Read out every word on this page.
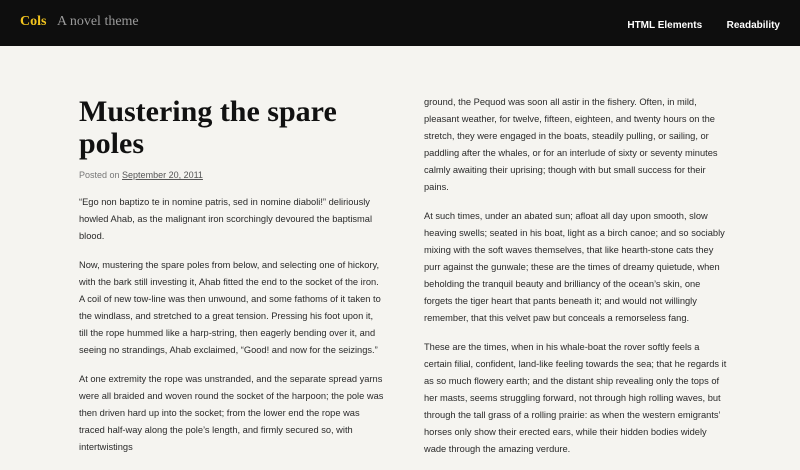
Cols A novel theme	HTML Elements Readability
Mustering the spare poles
Posted on September 20, 2011

“Ego non baptizo te in nomine patris, sed in nomine diaboli!” deliriously howled Ahab, as the malignant iron scorchingly devoured the baptismal blood.

Now, mustering the spare poles from below, and selecting one of hickory, with the bark still investing it, Ahab fitted the end to the socket of the iron. A coil of new tow-line was then unwound, and some fathoms of it taken to the windlass, and stretched to a great tension. Pressing his foot upon it, till the rope hummed like a harp-string, then eagerly bending over it, and seeing no strandings, Ahab exclaimed, “Good! and now for the seizings.”

At one extremity the rope was unstranded, and the separate spread yarns were all braided and woven round the socket of the harpoon; the pole was then driven hard up into the socket; from the lower end the rope was traced half-way along the pole’s length, and firmly secured so, with intertwistings

ground, the Pequod was soon all astir in the fishery. Often, in mild, pleasant weather, for twelve, fifteen, eighteen, and twenty hours on the stretch, they were engaged in the boats, steadily pulling, or sailing, or paddling after the whales, or for an interlude of sixty or seventy minutes calmly awaiting their uprising; though with but small success for their pains.

At such times, under an abated sun; afloat all day upon smooth, slow heaving swells; seated in his boat, light as a birch canoe; and so sociably mixing with the soft waves themselves, that like hearth-stone cats they purr against the gunwale; these are the times of dreamy quietude, when beholding the tranquil beauty and brilliancy of the ocean’s skin, one forgets the tiger heart that pants beneath it; and would not willingly remember, that this velvet paw but conceals a remorseless fang.

These are the times, when in his whale-boat the rover softly feels a certain filial, confident, land-like feeling towards the sea; that he regards it as so much flowery earth; and the distant ship revealing only the tops of her masts, seems struggling forward, not through high rolling waves, but through the tall grass of a rolling prairie: as when the western emigrants’ horses only show their erected ears, while their hidden bodies widely wade through the amazing verdure.
